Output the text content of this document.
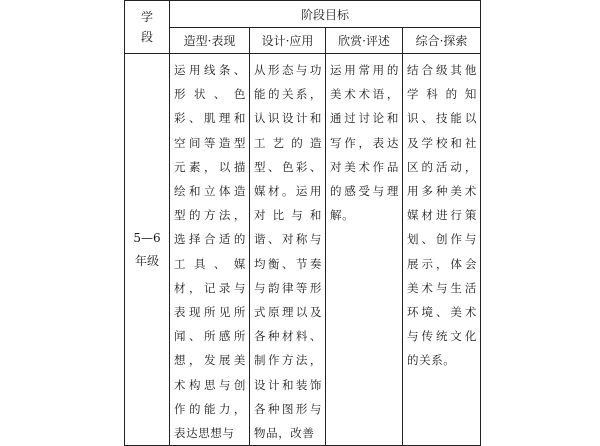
学
段	阶段目标			
	造型·表现	设计·应用	欣赏·评述	综合·探索
5—6年级	运用线条、形状、色彩、肌理和空间等造型元素，以描绘和立体造型的方法，选择合适的工具、媒材，记录与表现所见所闻、所感所想，发展美术构思与创作的能力，表达思想与	从形态与功能的关系，认识设计和工艺的造型、色彩、媒材。运用对比与和谐、对称与均衡、节奏与韵律等形式原理以及各种材料、制作方法，设计和装饰各种图形与物品，改善	运用常用的美术术语，通过讨论和写作，表达对美术作品的感受与理解。	结合级其他学科的知识、技能以及学校和社区的活动，用多种美术媒材进行策划、创作与展示，体会美术与生活环境、美术与传统文化的关系。
